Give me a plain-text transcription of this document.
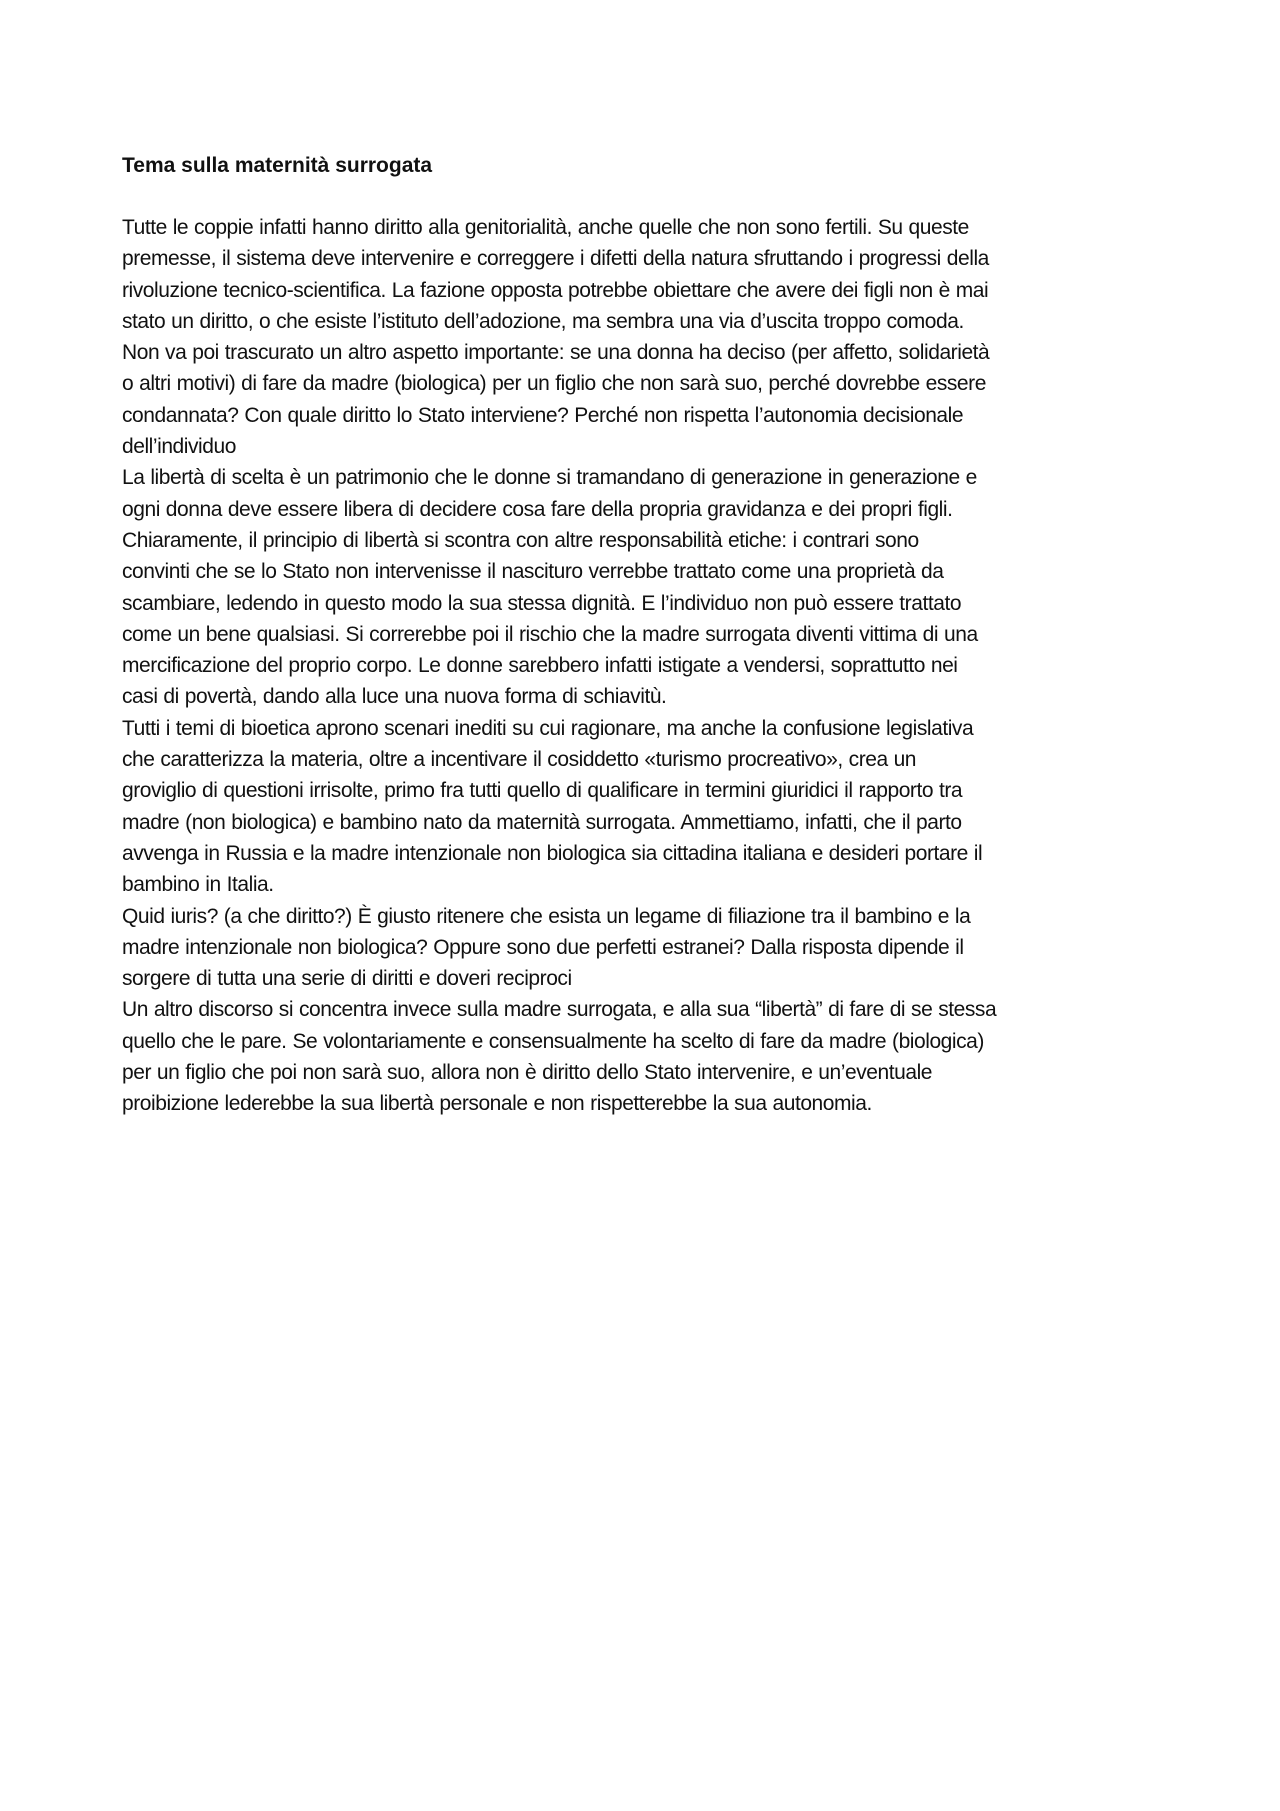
Tema sulla maternità surrogata

Tutte le coppie infatti hanno diritto alla genitorialità, anche quelle che non sono fertili. Su queste
premesse, il sistema deve intervenire e correggere i difetti della natura sfruttando i progressi della
rivoluzione tecnico-scientifica. La fazione opposta potrebbe obiettare che avere dei figli non è mai
stato un diritto, o che esiste l’istituto dell’adozione, ma sembra una via d’uscita troppo comoda.
Non va poi trascurato un altro aspetto importante: se una donna ha deciso (per affetto, solidarietà
o altri motivi) di fare da madre (biologica) per un figlio che non sarà suo, perché dovrebbe essere
condannata? Con quale diritto lo Stato interviene? Perché non rispetta l’autonomia decisionale
dell’individuo

La libertà di scelta è un patrimonio che le donne si tramandano di generazione in generazione e
ogni donna deve essere libera di decidere cosa fare della propria gravidanza e dei propri figli.
Chiaramente, il principio di libertà si scontra con altre responsabilità etiche: i contrari sono
convinti che se lo Stato non intervenisse il nascituro verrebbe trattato come una proprietà da
scambiare, ledendo in questo modo la sua stessa dignità. E l’individuo non può essere trattato
come un bene qualsiasi. Si correrebbe poi il rischio che la madre surrogata diventi vittima di una
mercificazione del proprio corpo. Le donne sarebbero infatti istigate a vendersi, soprattutto nei
casi di povertà, dando alla luce una nuova forma di schiavitù.

Tutti i temi di bioetica aprono scenari inediti su cui ragionare, ma anche la confusione legislativa
che caratterizza la materia, oltre a incentivare il cosiddetto «turismo procreativo», crea un
groviglio di questioni irrisolte, primo fra tutti quello di qualificare in termini giuridici il rapporto tra
madre (non biologica) e bambino nato da maternità surrogata. Ammettiamo, infatti, che il parto
avvenga in Russia e la madre intenzionale non biologica sia cittadina italiana e desideri portare il
bambino in Italia.

Quid iuris? (a che diritto?) È giusto ritenere che esista un legame di filiazione tra il bambino e la
madre intenzionale non biologica? Oppure sono due perfetti estranei? Dalla risposta dipende il
sorgere di tutta una serie di diritti e doveri reciproci

Un altro discorso si concentra invece sulla madre surrogata, e alla sua “libertà” di fare di se stessa
quello che le pare. Se volontariamente e consensualmente ha scelto di fare da madre (biologica)
per un figlio che poi non sarà suo, allora non è diritto dello Stato intervenire, e un’eventuale
proibizione lederebbe la sua libertà personale e non rispetterebbe la sua autonomia.
